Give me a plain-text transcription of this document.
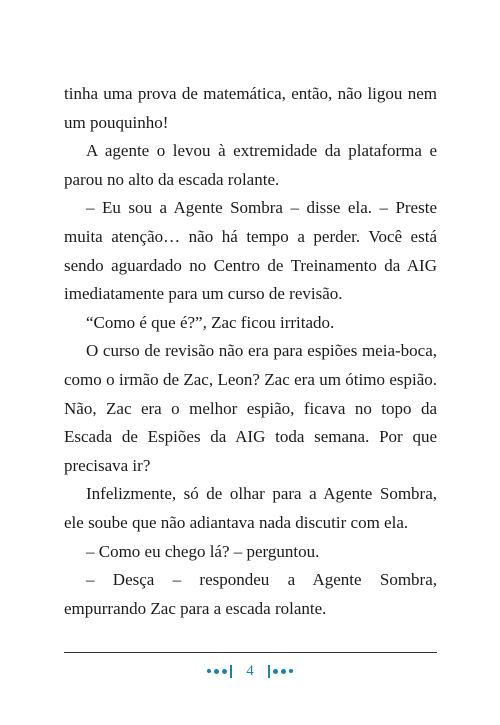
tinha uma prova de matemática, então, não ligou nem um pouquinho!

A agente o levou à extremidade da plataforma e parou no alto da escada rolante.

– Eu sou a Agente Sombra – disse ela. – Preste muita atenção… não há tempo a perder. Você está sendo aguardado no Centro de Treinamento da AIG imediatamente para um curso de revisão.

“Como é que é?”, Zac ficou irritado.

O curso de revisão não era para espiões meia-boca, como o irmão de Zac, Leon? Zac era um ótimo espião. Não, Zac era o melhor espião, ficava no topo da Escada de Espiões da AIG toda semana. Por que precisava ir?

Infelizmente, só de olhar para a Agente Sombra, ele soube que não adiantava nada discutir com ela.

– Como eu chego lá? – perguntou.

– Desça – respondeu a Agente Sombra, empurrando Zac para a escada rolante.

4
